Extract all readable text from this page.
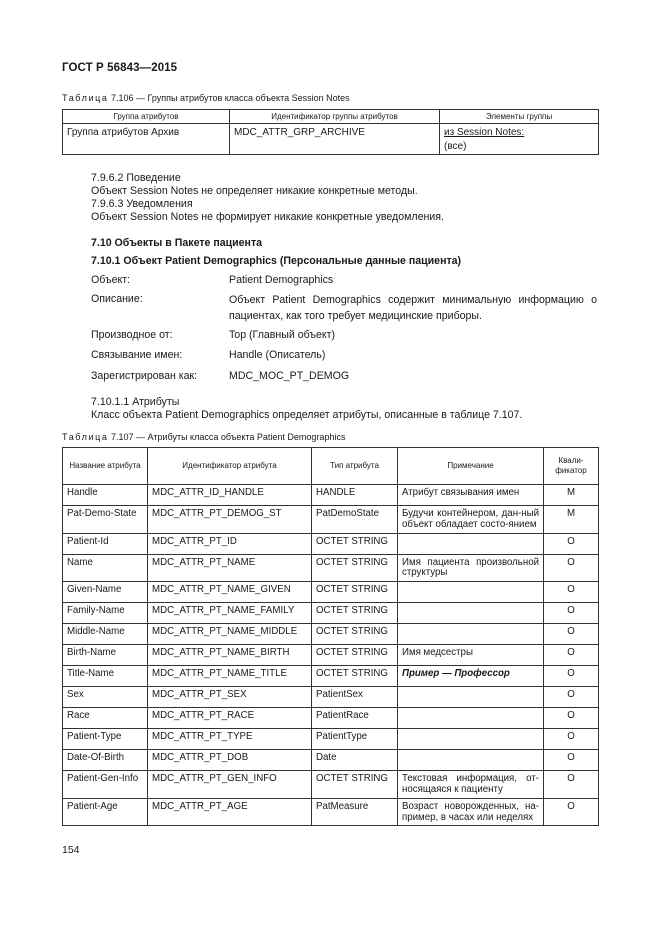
ГОСТ Р 56843—2015
Таблица 7.106 — Группы атрибутов класса объекта Session Notes
Группа атрибутов	Идентификатор группы атрибутов	Элементы группы
Группа атрибутов Архив	MDC_ATTR_GRP_ARCHIVE	из Session Notes:
(все)
7.9.6.2 Поведение
Объект Session Notes не определяет никакие конкретные методы.
7.9.6.3 Уведомления
Объект Session Notes не формирует никакие конкретные уведомления.
7.10 Объекты в Пакете пациента
7.10.1 Объект Patient Demographics (Персональные данные пациента)
Объект:	Patient Demographics
Описание:	Объект Patient Demographics содержит минимальную информацию о пациентах, как того требует медицинские приборы.
Производное от:	Top (Главный объект)
Связывание имен:	Handle (Описатель)
Зарегистрирован как:	MDC_MOC_PT_DEMOG
7.10.1.1 Атрибуты
Класс объекта Patient Demographics определяет атрибуты, описанные в таблице 7.107.
Таблица 7.107 — Атрибуты класса объекта Patient Demographics
Название атрибута	Идентификатор атрибута	Тип атрибута	Примечание	Квали-фикатор
Handle	MDC_ATTR_ID_HANDLE	HANDLE	Атрибут связывания имен	M
Pat-Demo-State	MDC_ATTR_PT_DEMOG_ST	PatDemoState	Будучи контейнером, дан-ный объект обладает состо-янием	M
Patient-Id	MDC_ATTR_PT_ID	OCTET STRING		O
Name	MDC_ATTR_PT_NAME	OCTET STRING	Имя пациента произвольной структуры	O
Given-Name	MDC_ATTR_PT_NAME_GIVEN	OCTET STRING		O
Family-Name	MDC_ATTR_PT_NAME_FAMILY	OCTET STRING		O
Middle-Name	MDC_ATTR_PT_NAME_MIDDLE	OCTET STRING		O
Birth-Name	MDC_ATTR_PT_NAME_BIRTH	OCTET STRING	Имя медсестры	O
Title-Name	MDC_ATTR_PT_NAME_TITLE	OCTET STRING	Пример — Профессор	O
Sex	MDC_ATTR_PT_SEX	PatientSex		O
Race	MDC_ATTR_PT_RACE	PatientRace		O
Patient-Type	MDC_ATTR_PT_TYPE	PatientType		O
Date-Of-Birth	MDC_ATTR_PT_DOB	Date		O
Patient-Gen-Info	MDC_ATTR_PT_GEN_INFO	OCTET STRING	Текстовая информация, от-носящаяся к пациенту	O
Patient-Age	MDC_ATTR_PT_AGE	PatMeasure	Возраст новорожденных, на-пример, в часах или неделях	O
154
